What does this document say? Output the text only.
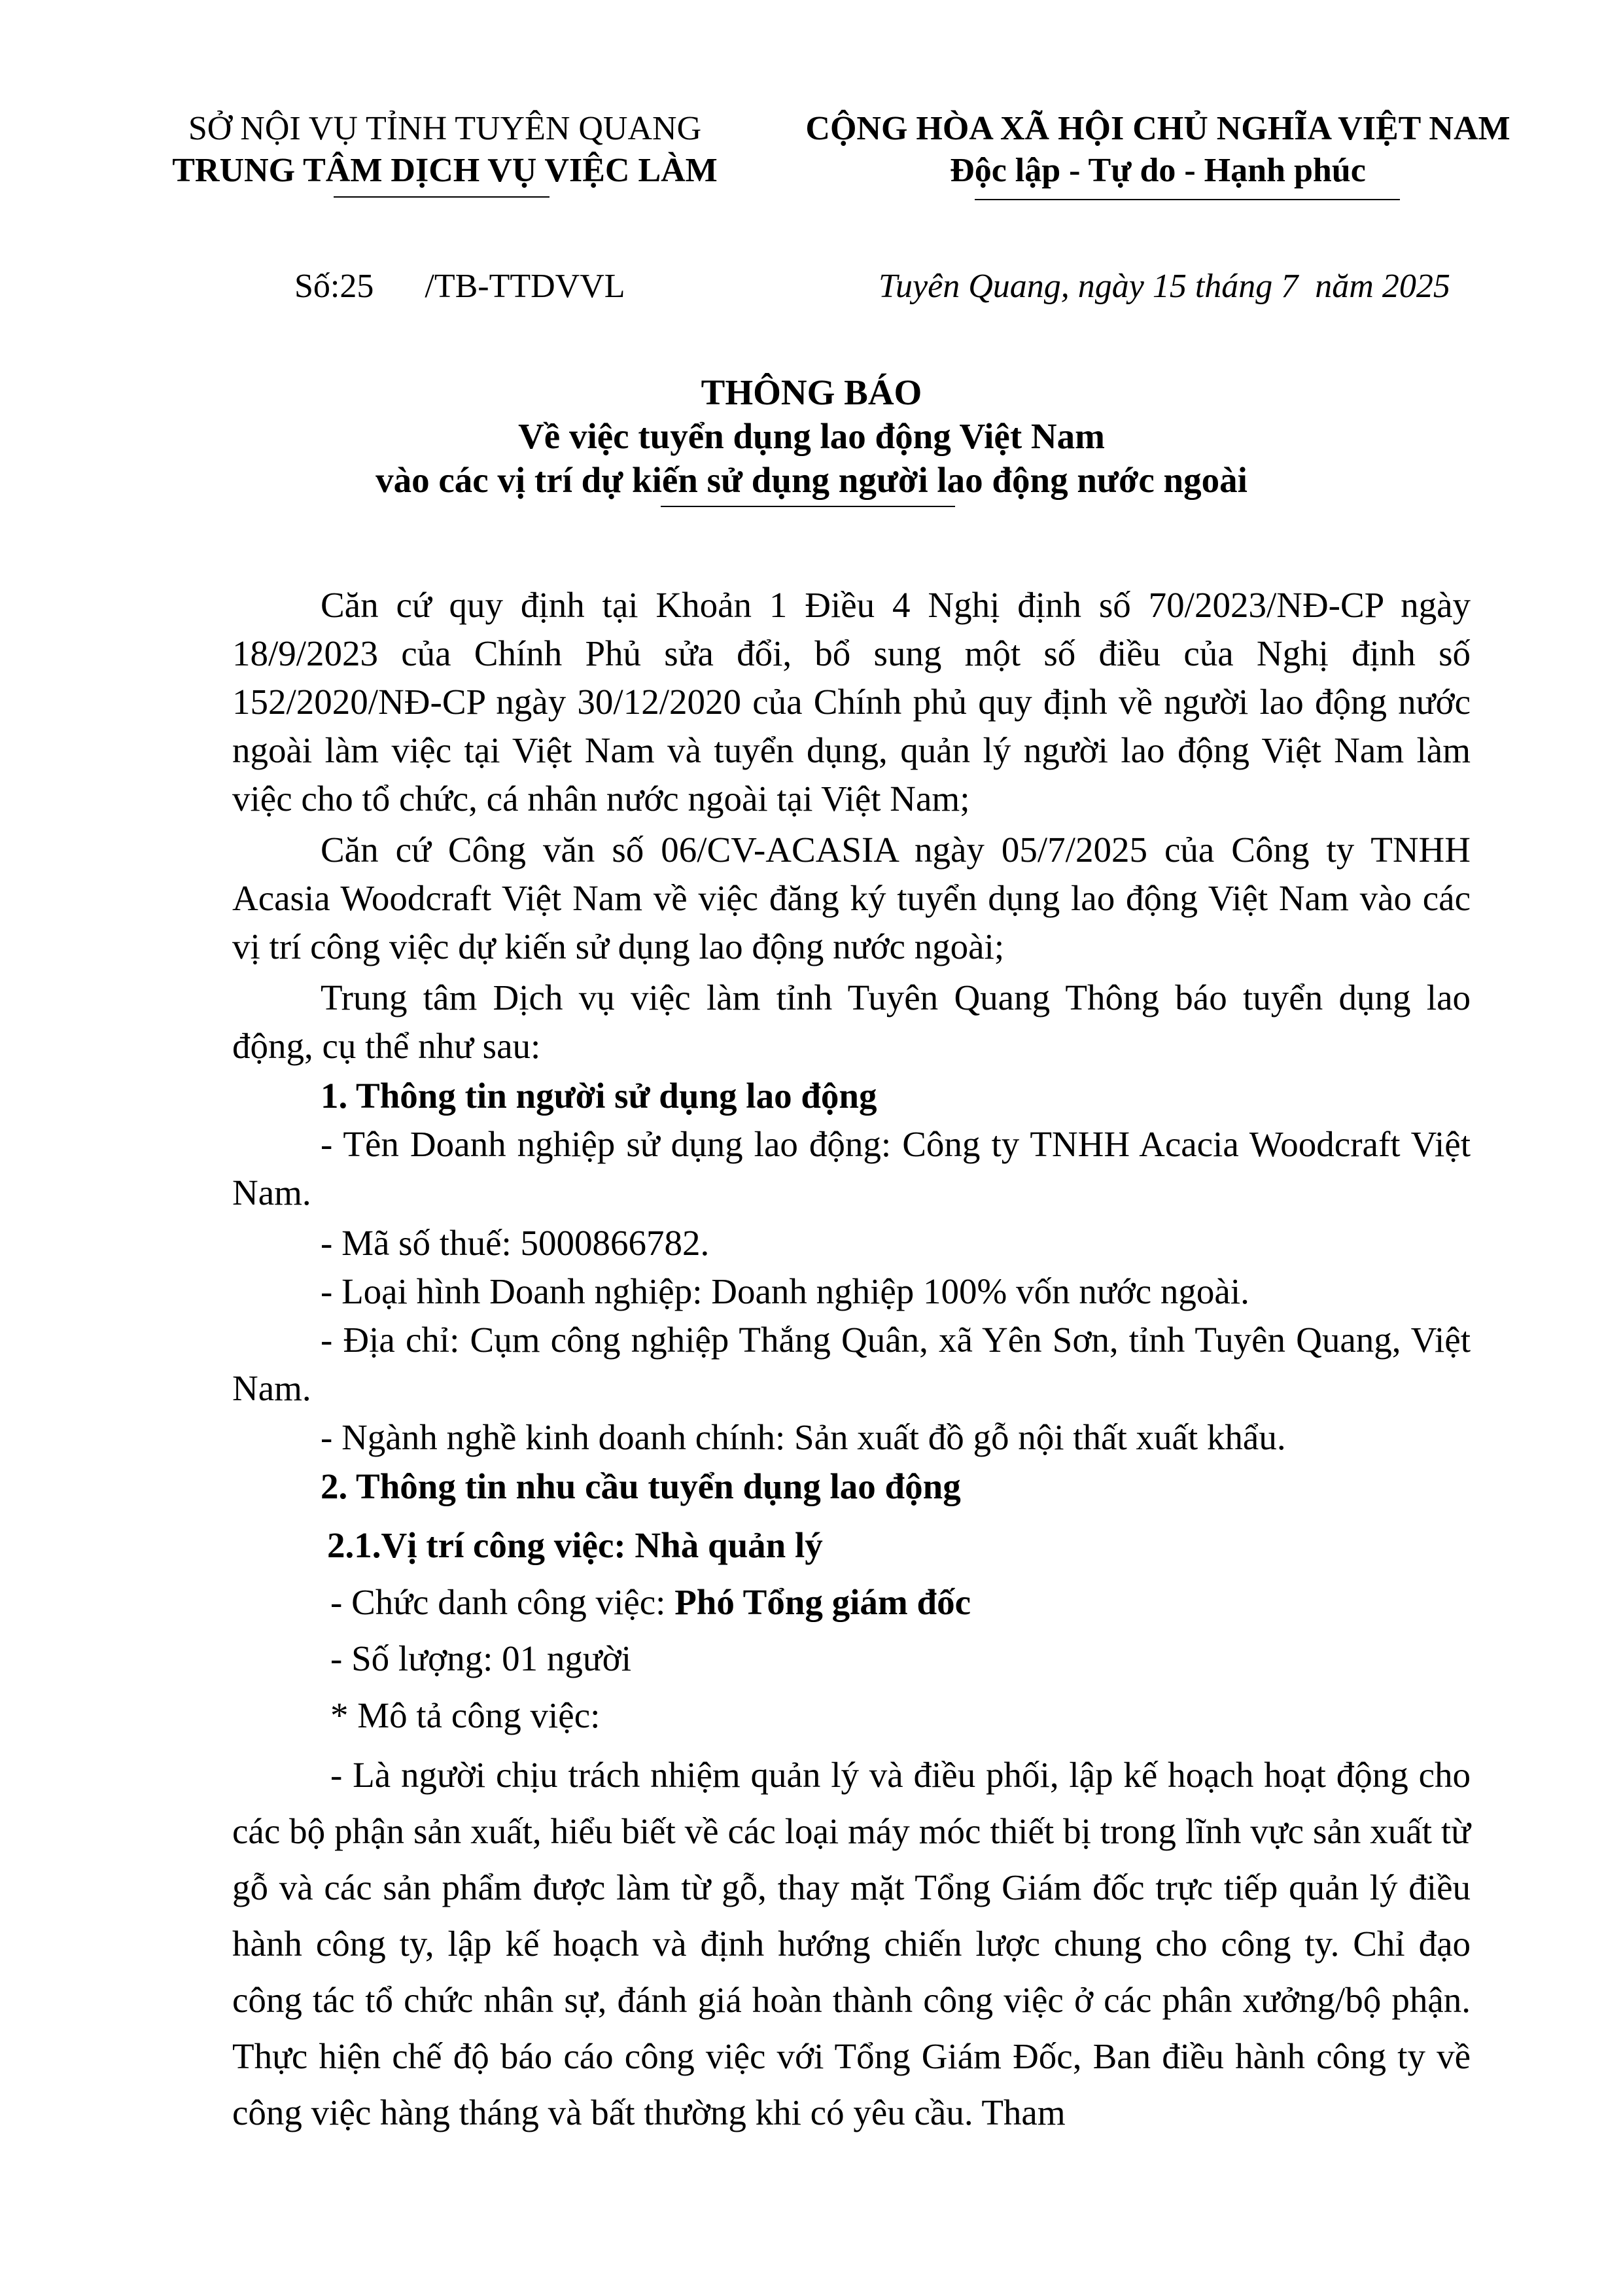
SỞ NỘI VỤ TỈNH TUYÊN QUANG
TRUNG TÂM DỊCH VỤ VIỆC LÀM
CỘNG HÒA XÃ HỘI CHỦ NGHĨA VIỆT NAM
Độc lập - Tự do - Hạnh phúc
Số:25      /TB-TTDVVL	Tuyên Quang, ngày 15 tháng 7  năm 2025
THÔNG BÁO
Về việc tuyển dụng lao động Việt Nam
vào các vị trí dự kiến sử dụng người lao động nước ngoài
Căn cứ quy định tại Khoản 1 Điều 4 Nghị định số 70/2023/NĐ-CP ngày 18/9/2023 của Chính Phủ sửa đổi, bổ sung một số điều của Nghị định số 152/2020/NĐ-CP ngày 30/12/2020 của Chính phủ quy định về người lao động nước ngoài làm việc tại Việt Nam và tuyển dụng, quản lý người lao động Việt Nam làm việc cho tổ chức, cá nhân nước ngoài tại Việt Nam;
Căn cứ Công văn số 06/CV-ACASIA ngày 05/7/2025 của Công ty TNHH Acasia Woodcraft Việt Nam về việc đăng ký tuyển dụng lao động Việt Nam vào các vị trí công việc dự kiến sử dụng lao động nước ngoài;
Trung tâm Dịch vụ việc làm tỉnh Tuyên Quang Thông báo tuyển dụng lao động, cụ thể như sau:
1. Thông tin người sử dụng lao động
- Tên Doanh nghiệp sử dụng lao động: Công ty TNHH Acacia Woodcraft Việt Nam.
- Mã số thuế: 5000866782.
- Loại hình Doanh nghiệp: Doanh nghiệp 100% vốn nước ngoài.
- Địa chỉ: Cụm công nghiệp Thắng Quân, xã Yên Sơn, tỉnh Tuyên Quang, Việt Nam.
- Ngành nghề kinh doanh chính: Sản xuất đồ gỗ nội thất xuất khẩu.
2. Thông tin nhu cầu tuyển dụng lao động
2.1.Vị trí công việc: Nhà quản lý
- Chức danh công việc: Phó Tổng giám đốc
- Số lượng: 01 người
* Mô tả công việc:
- Là người chịu trách nhiệm quản lý và điều phối, lập kế hoạch hoạt động cho các bộ phận sản xuất, hiểu biết về các loại máy móc thiết bị trong lĩnh vực sản xuất từ gỗ và các sản phẩm được làm từ gỗ, thay mặt Tổng Giám đốc trực tiếp quản lý điều hành công ty, lập kế hoạch và định hướng chiến lược chung cho công ty. Chỉ đạo công tác tổ chức nhân sự, đánh giá hoàn thành công việc ở các phân xưởng/bộ phận. Thực hiện chế độ báo cáo công việc với Tổng Giám Đốc, Ban điều hành công ty về công việc hàng tháng và bất thường khi có yêu cầu. Tham
